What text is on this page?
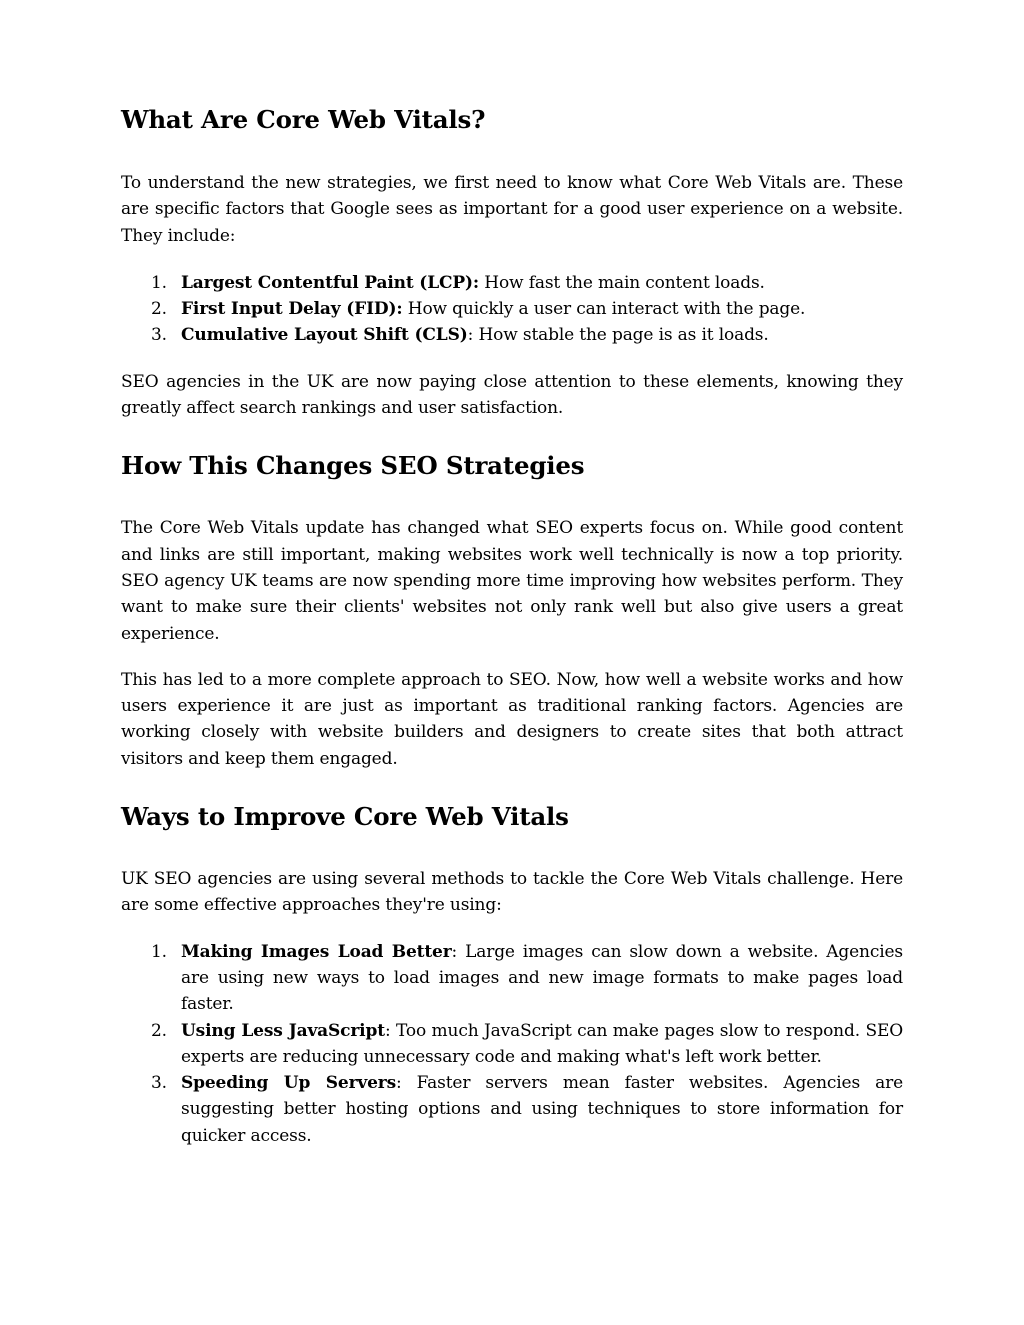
What Are Core Web Vitals?

To understand the new strategies, we first need to know what Core Web Vitals are. These are specific factors that Google sees as important for a good user experience on a website. They include:

1. Largest Contentful Paint (LCP): How fast the main content loads.
2. First Input Delay (FID): How quickly a user can interact with the page.
3. Cumulative Layout Shift (CLS): How stable the page is as it loads.

SEO agencies in the UK are now paying close attention to these elements, knowing they greatly affect search rankings and user satisfaction.

How This Changes SEO Strategies

The Core Web Vitals update has changed what SEO experts focus on. While good content and links are still important, making websites work well technically is now a top priority. SEO agency UK teams are now spending more time improving how websites perform. They want to make sure their clients' websites not only rank well but also give users a great experience.

This has led to a more complete approach to SEO. Now, how well a website works and how users experience it are just as important as traditional ranking factors. Agencies are working closely with website builders and designers to create sites that both attract visitors and keep them engaged.

Ways to Improve Core Web Vitals

UK SEO agencies are using several methods to tackle the Core Web Vitals challenge. Here are some effective approaches they're using:

1. Making Images Load Better: Large images can slow down a website. Agencies are using new ways to load images and new image formats to make pages load faster.
2. Using Less JavaScript: Too much JavaScript can make pages slow to respond. SEO experts are reducing unnecessary code and making what's left work better.
3. Speeding Up Servers: Faster servers mean faster websites. Agencies are suggesting better hosting options and using techniques to store information for quicker access.
